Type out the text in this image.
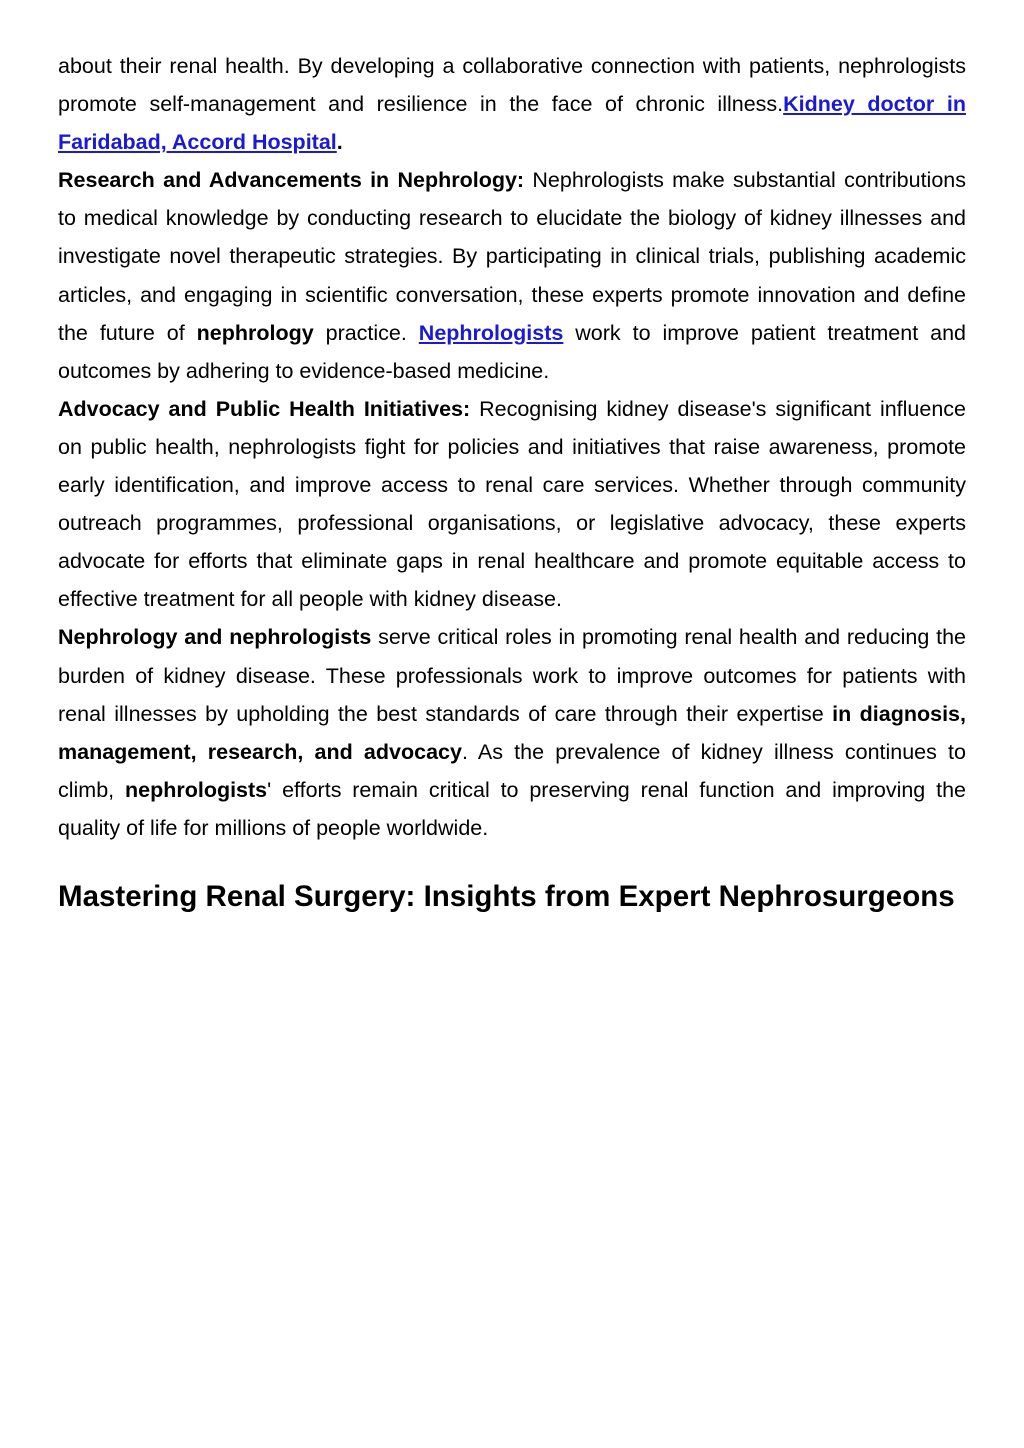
about their renal health. By developing a collaborative connection with patients, nephrologists promote self-management and resilience in the face of chronic illness.Kidney doctor in Faridabad, Accord Hospital.

Research and Advancements in Nephrology: Nephrologists make substantial contributions to medical knowledge by conducting research to elucidate the biology of kidney illnesses and investigate novel therapeutic strategies. By participating in clinical trials, publishing academic articles, and engaging in scientific conversation, these experts promote innovation and define the future of nephrology practice. Nephrologists work to improve patient treatment and outcomes by adhering to evidence-based medicine.

Advocacy and Public Health Initiatives: Recognising kidney disease's significant influence on public health, nephrologists fight for policies and initiatives that raise awareness, promote early identification, and improve access to renal care services. Whether through community outreach programmes, professional organisations, or legislative advocacy, these experts advocate for efforts that eliminate gaps in renal healthcare and promote equitable access to effective treatment for all people with kidney disease.

Nephrology and nephrologists serve critical roles in promoting renal health and reducing the burden of kidney disease. These professionals work to improve outcomes for patients with renal illnesses by upholding the best standards of care through their expertise in diagnosis, management, research, and advocacy. As the prevalence of kidney illness continues to climb, nephrologists' efforts remain critical to preserving renal function and improving the quality of life for millions of people worldwide.

Mastering Renal Surgery: Insights from Expert Nephrosurgeons
